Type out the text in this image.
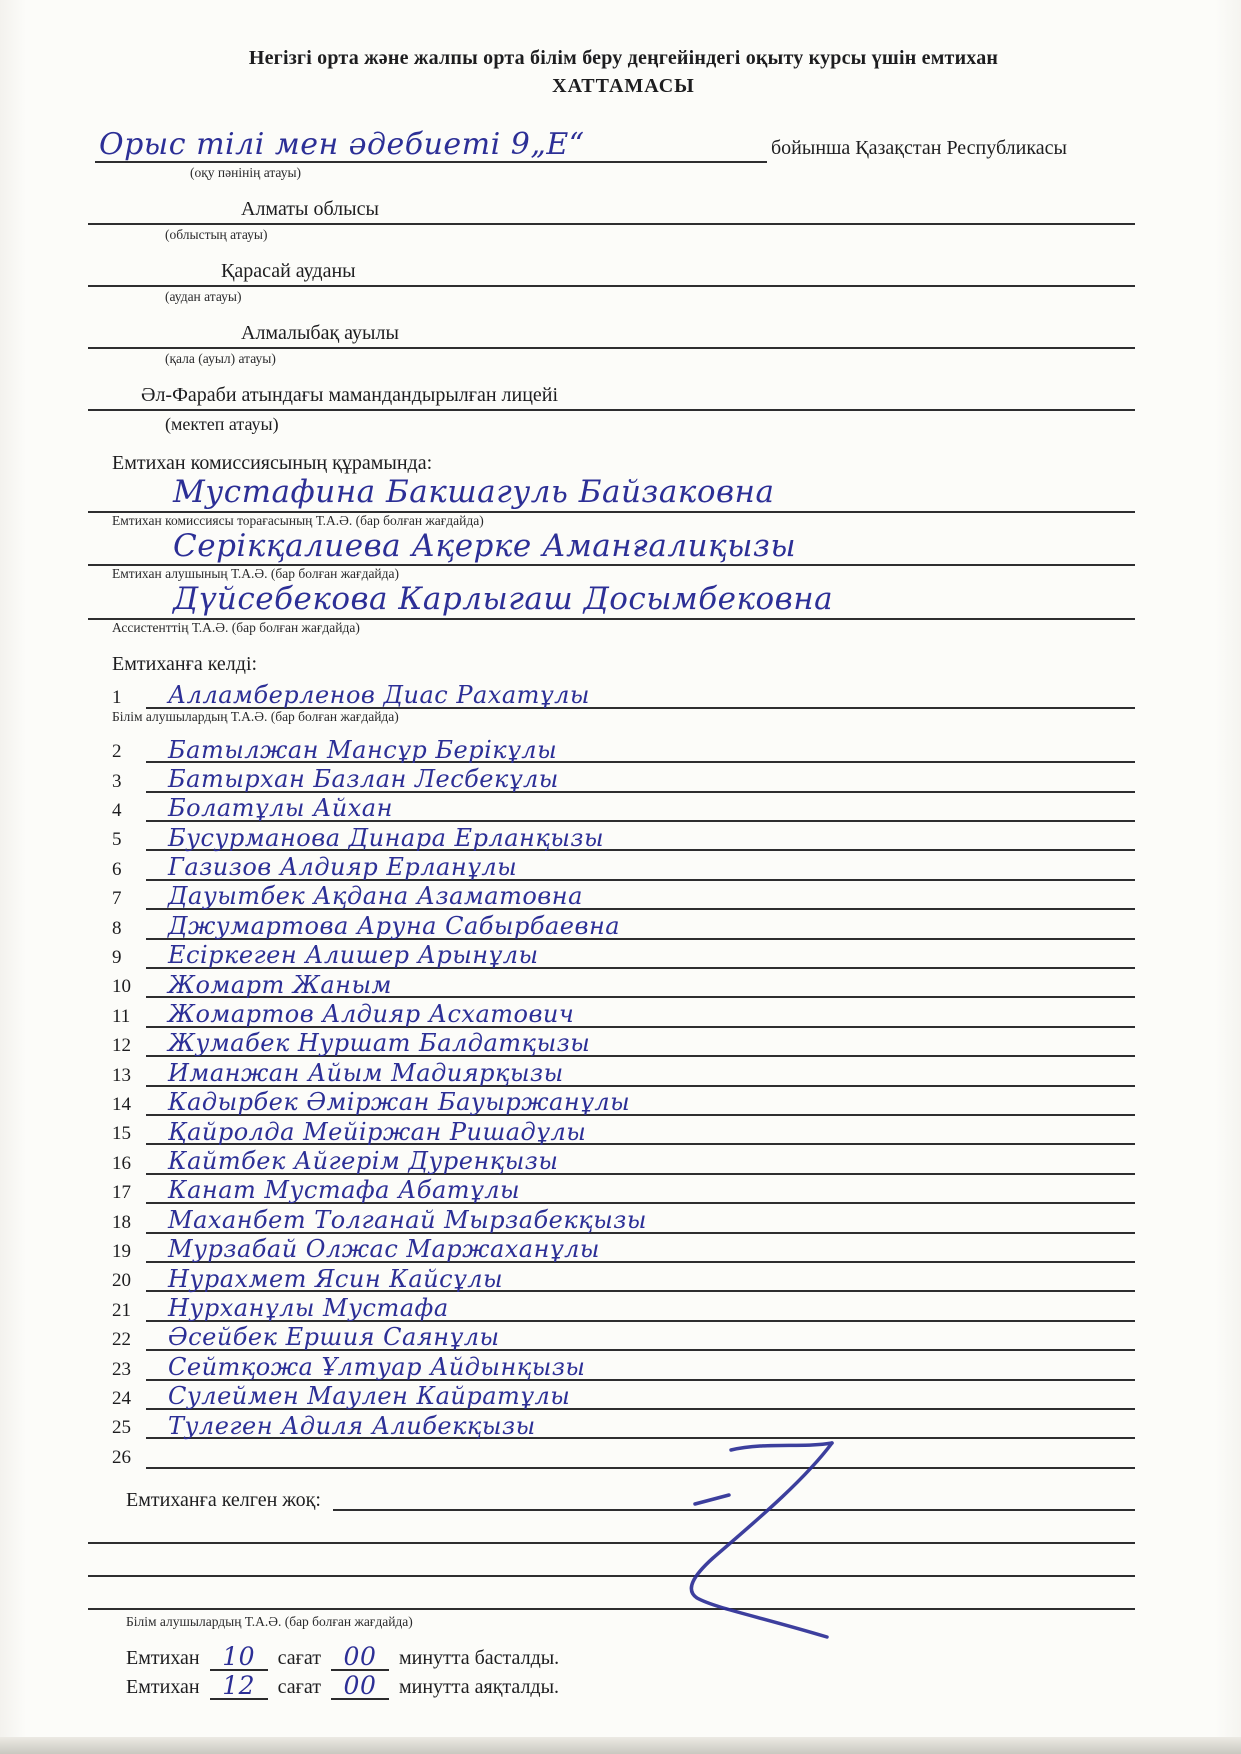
Негізгі орта және жалпы орта білім беру деңгейіндегі оқыту курсы үшін емтихан
ХАТТАМАСЫ
Орыс тілі мен әдебиеті 9„Е“	бойынша Қазақстан Республикасы
(оқу пәнінің атауы)
Алматы облысы
(облыстың атауы)
Қарасай ауданы
(аудан атауы)
Алмалыбақ ауылы
(қала (ауыл) атауы)
Әл-Фараби атындағы мамандандырылған лицейі
(мектеп атауы)
Емтихан комиссиясының құрамында:
Мустафина Бакшагуль Байзаковна
Емтихан комиссиясы торағасының Т.А.Ә. (бар болған жағдайда)
Серікқалиева Ақерке Аманғалиқызы
Емтихан алушының Т.А.Ә. (бар болған жағдайда)
Дүйсебекова Карлыгаш Досымбековна
Ассистенттің Т.А.Ә. (бар болған жағдайда)
Емтиханға келді:
1	Алламберленов Диас Рахатұлы
Білім алушылардың Т.А.Ә. (бар болған жағдайда)
2	Батылжан Мансұр Берікұлы
3	Батырхан Базлан Лесбекұлы
4	Болатұлы Айхан
5	Бусурманова Динара Ерланқызы
6	Газизов Алдияр Ерланұлы
7	Дауытбек Ақдана Азаматовна
8	Джумартова Аруна Сабырбаевна
9	Есіркеген Алишер Арынұлы
10	Жомарт Жаным
11	Жомартов Алдияр Асхатович
12	Жумабек Нуршат Балдатқызы
13	Иманжан Айым Мадиярқызы
14	Кадырбек Әміржан Бауыржанұлы
15	Қайролда Мейіржан Ришадұлы
16	Кайтбек Айгерім Дуренқызы
17	Канат Мустафа Абатұлы
18	Маханбет Толганай Мырзабекқызы
19	Мурзабай Олжас Маржаханұлы
20	Нурахмет Ясин Кайсұлы
21	Нурханұлы Мустафа
22	Әсейбек Ершия Саянұлы
23	Сейтқожа Ұлтуар Айдынқызы
24	Сулеймен Маулен Кайратұлы
25	Тулеген Адиля Алибекқызы
26
Емтиханға келген жоқ:
Білім алушылардың Т.А.Ә. (бар болған жағдайда)
Емтихан 10	сағат 00	минутта басталды.
Емтихан 12	сағат 00	минутта аяқталды.
